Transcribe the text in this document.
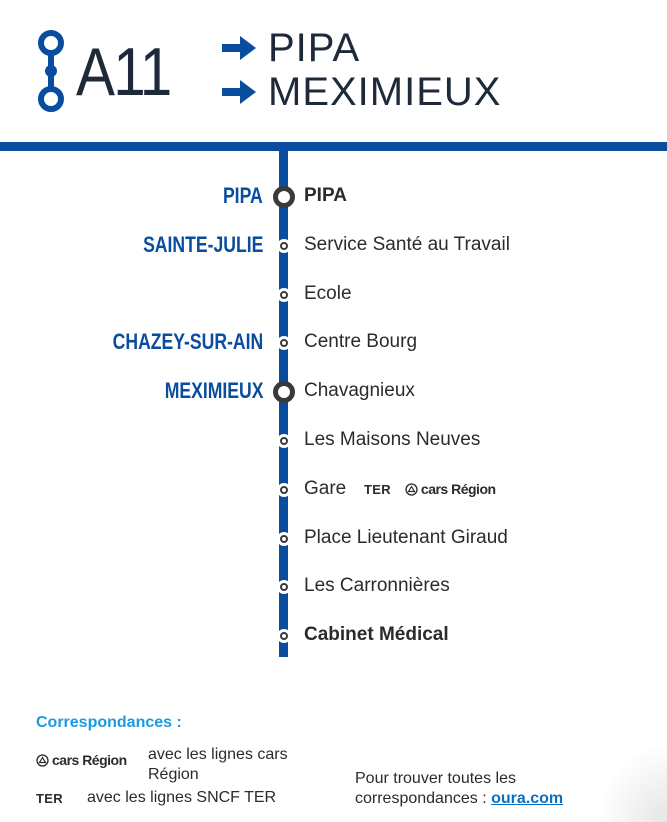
A11 PIPA
MEXIMIEUX
PIPA
PIPA
Service Santé au Travail
SAINTE-JULIE
Ecole
Centre Bourg
CHAZEY-SUR-AIN
Chavagnieux
MEXIMIEUX
Les Maisons Neuves
Gare TER cars Région
Place Lieutenant Giraud
Les Carronnières
Cabinet Médical
Correspondances :
cars Région avec les lignes cars Région
TER avec les lignes SNCF TER
Pour trouver toutes les correspondances : oura.com
